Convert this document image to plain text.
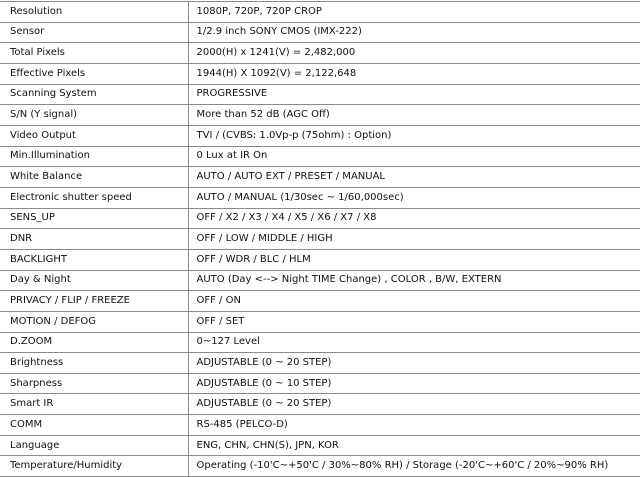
Resolution	1080P, 720P, 720P CROP
Sensor	1/2.9 inch SONY CMOS (IMX-222)
Total Pixels	2000(H) x 1241(V) = 2,482,000
Effective Pixels	1944(H) X 1092(V) = 2,122,648
Scanning System	PROGRESSIVE
S/N (Y signal)	More than 52 dB (AGC Off)
Video Output	TVI / (CVBS: 1.0Vp-p (75ohm) : Option)
Min.Illumination	0 Lux at IR On
White Balance	AUTO / AUTO EXT / PRESET / MANUAL
Electronic shutter speed	AUTO / MANUAL (1/30sec ~ 1/60,000sec)
SENS_UP	OFF / X2 / X3 / X4 / X5 / X6 / X7 / X8
DNR	OFF / LOW / MIDDLE / HIGH
BACKLIGHT	OFF / WDR / BLC / HLM
Day & Night	AUTO (Day <--> Night TIME Change) , COLOR , B/W, EXTERN
PRIVACY / FLIP / FREEZE	OFF / ON
MOTION / DEFOG	OFF / SET
D.ZOOM	0~127 Level
Brightness	ADJUSTABLE (0 ~ 20 STEP)
Sharpness	ADJUSTABLE (0 ~ 10 STEP)
Smart IR	ADJUSTABLE (0 ~ 20 STEP)
COMM	RS-485 (PELCO-D)
Language	ENG, CHN, CHN(S), JPN, KOR
Temperature/Humidity	Operating (-10'C~+50'C / 30%~80% RH) / Storage (-20'C~+60'C / 20%~90% RH)
